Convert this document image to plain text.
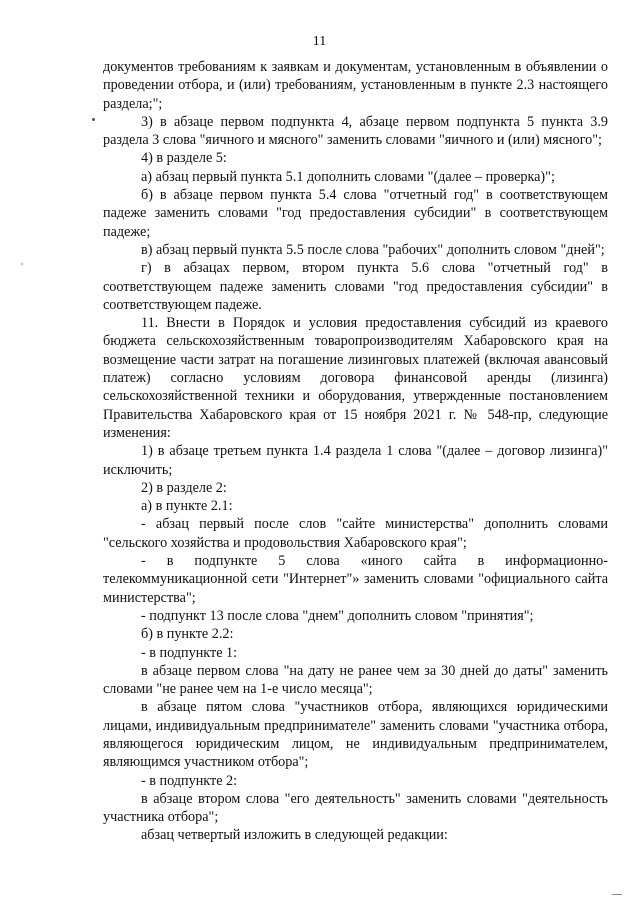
11

документов требованиям к заявкам и документам, установленным в объявлении о проведении отбора, и (или) требованиям, установленным в пункте 2.3 настоящего раздела;";

3) в абзаце первом подпункта 4, абзаце первом подпункта 5 пункта 3.9 раздела 3 слова "яичного и мясного" заменить словами "яичного и (или) мясного";

4) в разделе 5:

а) абзац первый пункта 5.1 дополнить словами "(далее – проверка)";

б) в абзаце первом пункта 5.4 слова "отчетный год" в соответствующем падеже заменить словами "год предоставления субсидии" в соответствующем падеже;

в) абзац первый пункта 5.5 после слова "рабочих" дополнить словом "дней";

г) в абзацах первом, втором пункта 5.6 слова "отчетный год" в соответствующем падеже заменить словами "год предоставления субсидии" в соответствующем падеже.

11. Внести в Порядок и условия предоставления субсидий из краевого бюджета сельскохозяйственным товаропроизводителям Хабаровского края на возмещение части затрат на погашение лизинговых платежей (включая авансовый платеж) согласно условиям договора финансовой аренды (лизинга) сельскохозяйственной техники и оборудования, утвержденные постановлением Правительства Хабаровского края от 15 ноября 2021 г. № 548-пр, следующие изменения:

1) в абзаце третьем пункта 1.4 раздела 1 слова "(далее – договор лизинга)" исключить;

2) в разделе 2:

а) в пункте 2.1:

- абзац первый после слов "сайте министерства" дополнить словами "сельского хозяйства и продовольствия Хабаровского края";

- в подпункте 5 слова «иного сайта в информационно-телекоммуникационной сети "Интернет"» заменить словами "официального сайта министерства";

- подпункт 13 после слова "днем" дополнить словом "принятия";

б) в пункте 2.2:

- в подпункте 1:

в абзаце первом слова "на дату не ранее чем за 30 дней до даты" заменить словами "не ранее чем на 1-е число месяца";

в абзаце пятом слова "участников отбора, являющихся юридическими лицами, индивидуальным предпринимателе" заменить словами "участника отбора, являющегося юридическим лицом, не индивидуальным предпринимателем, являющимся участником отбора";

- в подпункте 2:

в абзаце втором слова "его деятельность" заменить словами "деятельность участника отбора";

абзац четвертый изложить в следующей редакции:
